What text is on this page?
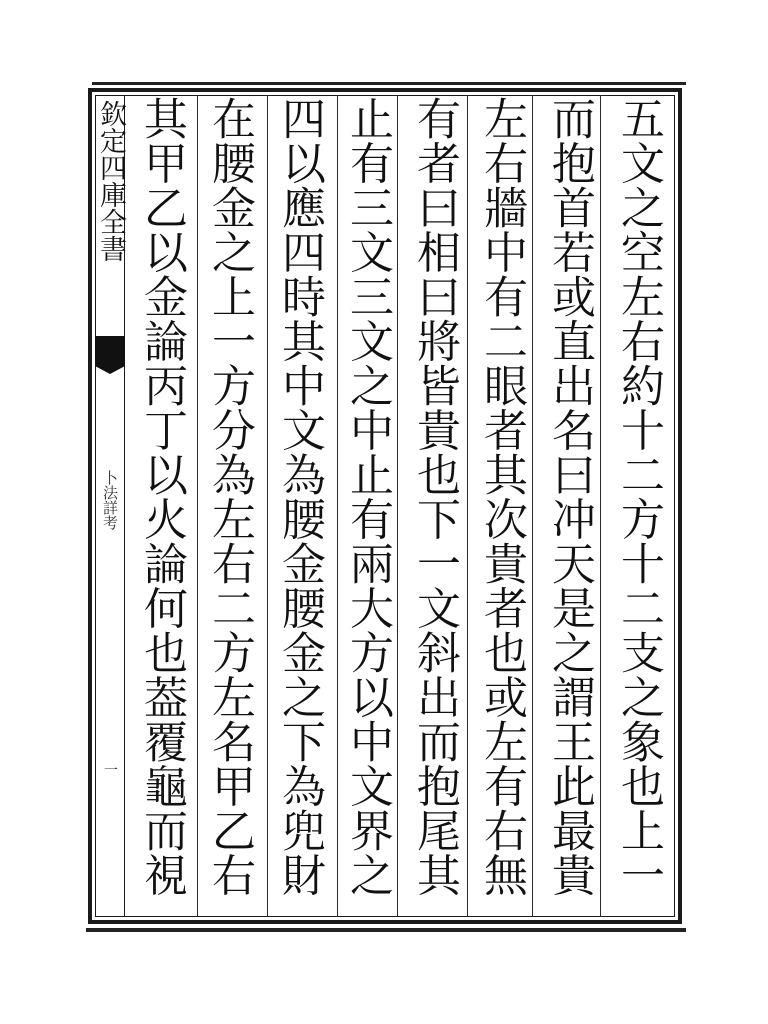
欽定四庫全書
卜法詳考
一
五文之空左右約十二方十二支之象也上一
而抱首若或直出名曰冲天是之謂王此最貴
左右牆中有二眼者其次貴者也或左有右無
有者曰相曰將皆貴也下一文斜出而抱尾其
止有三文三文之中止有兩大方以中文界之
四以應四時其中文為腰金腰金之下為兜財
在腰金之上一方分為左右二方左名甲乙右
其甲乙以金論丙丁以火論何也葢覆龜而視
